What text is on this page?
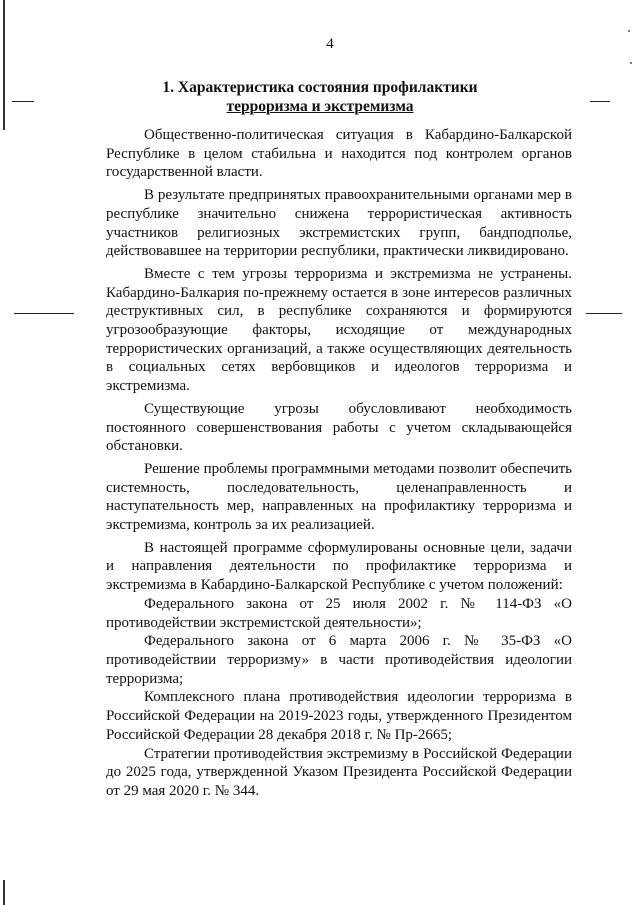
4
1. Характеристика состояния профилактики
терроризма и экстремизма

Общественно-политическая ситуация в Кабардино-Балкарской Республике в целом стабильна и находится под контролем органов государственной власти.

В результате предпринятых правоохранительными органами мер в республике значительно снижена террористическая активность участников религиозных экстремистских групп, бандподполье, действовавшее на территории республики, практически ликвидировано.

Вместе с тем угрозы терроризма и экстремизма не устранены. Кабардино-Балкария по-прежнему остается в зоне интересов различных деструктивных сил, в республике сохраняются и формируются угрозообразующие факторы, исходящие от международных террористических организаций, а также осуществляющих деятельность в социальных сетях вербовщиков и идеологов терроризма и экстремизма.

Существующие угрозы обусловливают необходимость постоянного совершенствования работы с учетом складывающейся обстановки.

Решение проблемы программными методами позволит обеспечить системность, последовательность, целенаправленность и наступательность мер, направленных на профилактику терроризма и экстремизма, контроль за их реализацией.

В настоящей программе сформулированы основные цели, задачи и направления деятельности по профилактике терроризма и экстремизма в Кабардино-Балкарской Республике с учетом положений:

Федерального закона от 25 июля 2002 г. № 114-ФЗ «О противодействии экстремистской деятельности»;

Федерального закона от 6 марта 2006 г. № 35-ФЗ «О противодействии терроризму» в части противодействия идеологии терроризма;

Комплексного плана противодействия идеологии терроризма в Российской Федерации на 2019-2023 годы, утвержденного Президентом Российской Федерации 28 декабря 2018 г. № Пр-2665;

Стратегии противодействия экстремизму в Российской Федерации до 2025 года, утвержденной Указом Президента Российской Федерации от 29 мая 2020 г. № 344.
